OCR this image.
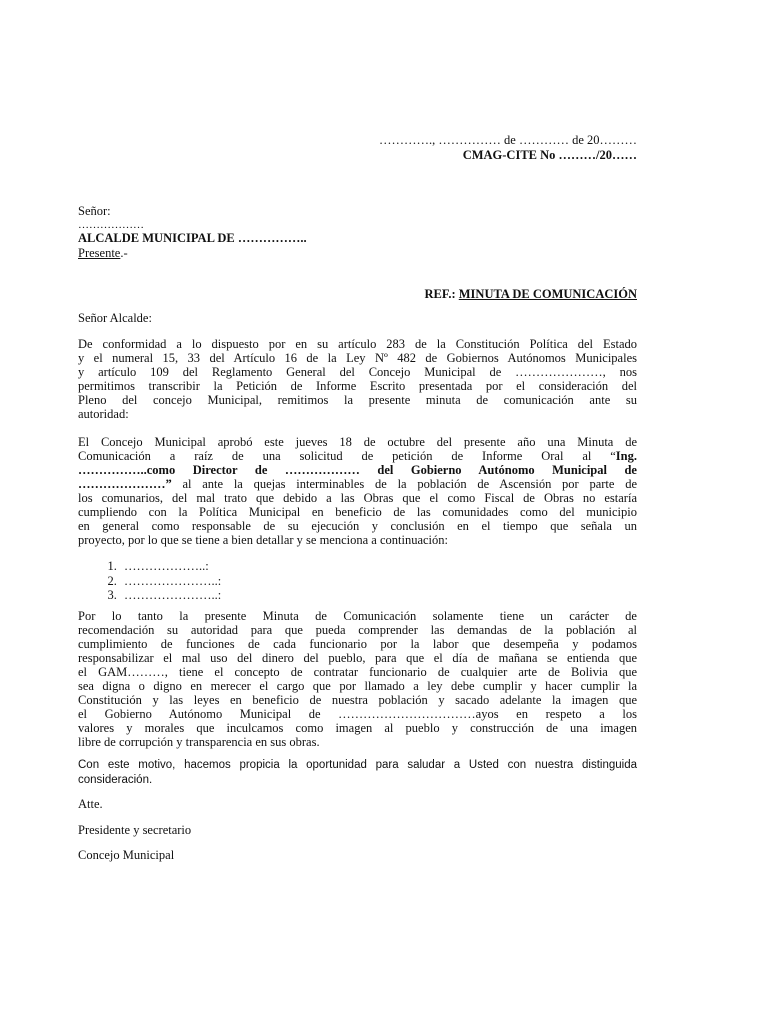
…………., …………… de ………… de 20………
CMAG-CITE No ………/20……
Señor:
………………
ALCALDE MUNICIPAL DE ……………..
Presente.-
REF.: MINUTA DE COMUNICACIÓN
Señor Alcalde:
De conformidad a lo dispuesto por en su artículo 283 de la Constitución Política del Estado
y el numeral 15, 33 del Artículo 16 de la Ley Nº 482 de Gobiernos Autónomos Municipales
y artículo 109 del Reglamento General del Concejo Municipal de …………………, nos
permitimos transcribir la Petición de Informe Escrito presentada por el consideración del
Pleno del concejo Municipal, remitimos la presente minuta de comunicación ante su
autoridad:
El Concejo Municipal aprobó este jueves 18 de octubre del presente año una Minuta de
Comunicación a raíz de una solicitud de petición de Informe Oral al “Ing.
……………..como Director de ……………… del Gobierno Autónomo Municipal de
…………………” al ante la quejas interminables de la población de Ascensión por parte de
los comunarios, del mal trato que debido a las Obras que el como Fiscal de Obras no estaría
cumpliendo con la Política Municipal en beneficio de las comunidades como del municipio
en general como responsable de su ejecución y conclusión en el tiempo que señala un
proyecto, por lo que se tiene a bien detallar y se menciona a continuación:
1. ………………..:
2. …………………..:
3. …………………..:
Por lo tanto la presente Minuta de Comunicación solamente tiene un carácter de
recomendación su autoridad para que pueda comprender las demandas de la población al
cumplimiento de funciones de cada funcionario por la labor que desempeña y podamos
responsabilizar el mal uso del dinero del pueblo, para que el día de mañana se entienda que
el GAM………, tiene el concepto de contratar funcionario de cualquier arte de Bolivia que
sea digna o digno en merecer el cargo que por llamado a ley debe cumplir y hacer cumplir la
Constitución y las leyes en beneficio de nuestra población y sacado adelante la imagen que
el Gobierno Autónomo Municipal de ……………………………ayos en respeto a los
valores y morales que inculcamos como imagen al pueblo y construcción de una imagen
libre de corrupción y transparencia en sus obras.
Con este motivo, hacemos propicia la oportunidad para saludar a Usted con nuestra distinguida
consideración.
Atte.
Presidente y secretario
Concejo Municipal
